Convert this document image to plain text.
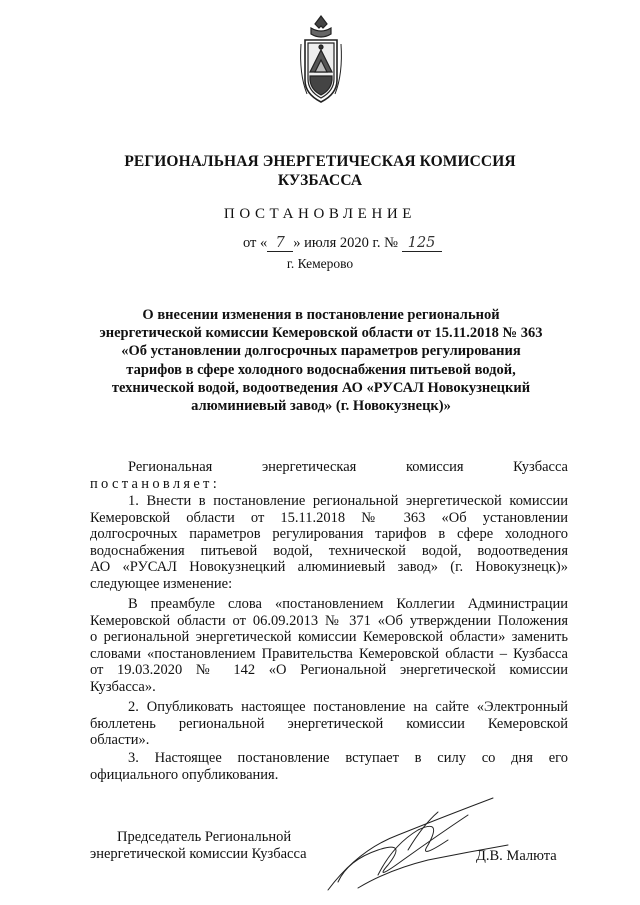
РЕГИОНАЛЬНАЯ ЭНЕРГЕТИЧЕСКАЯ КОМИССИЯ
КУЗБАССА
ПОСТАНОВЛЕНИЕ
от « 7 » июля 2020 г. № 125
г. Кемерово
О внесении изменения в постановление региональной
энергетической комиссии Кемеровской области от 15.11.2018 № 363
«Об установлении долгосрочных параметров регулирования
тарифов в сфере холодного водоснабжения питьевой водой,
технической водой, водоотведения АО «РУСАЛ Новокузнецкий
алюминиевый завод» (г. Новокузнецк)»
Региональная энергетическая комиссия Кузбасса
постановляет:
1. Внести в постановление региональной энергетической комиссии
Кемеровской области от 15.11.2018 № 363 «Об установлении
долгосрочных параметров регулирования тарифов в сфере холодного
водоснабжения питьевой водой, технической водой, водоотведения
АО «РУСАЛ Новокузнецкий алюминиевый завод» (г. Новокузнецк)»
следующее изменение:
В преамбуле слова «постановлением Коллегии Администрации
Кемеровской области от 06.09.2013 № 371 «Об утверждении Положения
о региональной энергетической комиссии Кемеровской области» заменить
словами «постановлением Правительства Кемеровской области – Кузбасса
от 19.03.2020 № 142 «О Региональной энергетической комиссии
Кузбасса».
2. Опубликовать настоящее постановление на сайте «Электронный
бюллетень региональной энергетической комиссии Кемеровской
области».
3. Настоящее постановление вступает в силу со дня его
официального опубликования.
Председатель Региональной
энергетической комиссии Кузбасса	Д.В. Малюта
